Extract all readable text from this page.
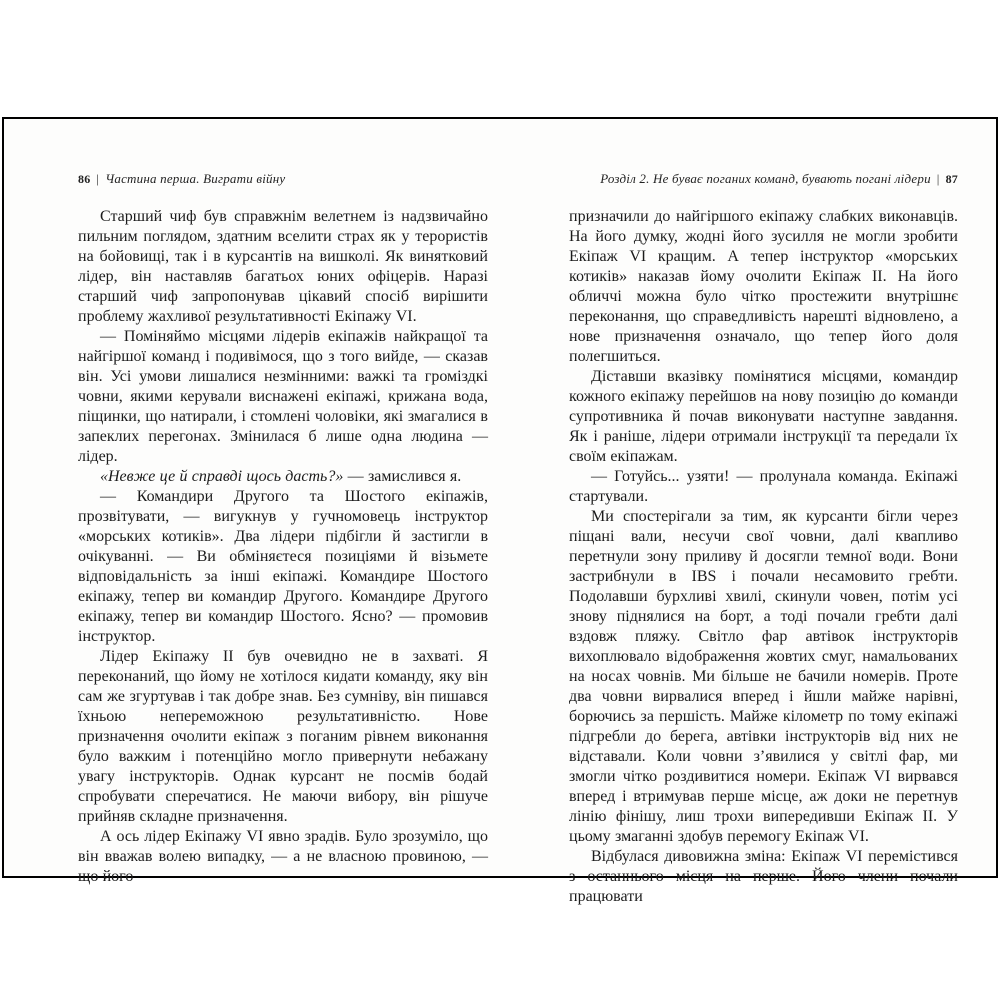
86 | Частина перша. Виграти війну

Старший чиф був справжнім велетнем із надзвичайно пильним поглядом, здатним вселити страх як у терористів на бойовищі, так і в курсантів на вишколі. Як винятковий лідер, він наставляв багатьох юних офіцерів. Наразі старший чиф запропонував цікавий спосіб вирішити проблему жахливої результативності Екіпажу VI.

— Поміняймо місцями лідерів екіпажів найкращої та найгіршої команд і подивімося, що з того вийде, — сказав він. Усі умови лишалися незмінними: важкі та громіздкі човни, якими керували виснажені екіпажі, крижана вода, піщинки, що натирали, і стомлені чоловіки, які змагалися в запеклих перегонах. Змінилася б лише одна людина — лідер.

«Невже це й справді щось дасть?» — замислився я.

— Командири Другого та Шостого екіпажів, прозвітувати, — вигукнув у гучномовець інструктор «морських котиків». Два лідери підбігли й застигли в очікуванні. — Ви обміняєтеся позиціями й візьмете відповідальність за інші екіпажі. Командире Шостого екіпажу, тепер ви командир Другого. Командире Другого екіпажу, тепер ви командир Шостого. Ясно? — промовив інструктор.

Лідер Екіпажу II був очевидно не в захваті. Я переконаний, що йому не хотілося кидати команду, яку він сам же згуртував і так добре знав. Без сумніву, він пишався їхньою непереможною результативністю. Нове призначення очолити екіпаж з поганим рівнем виконання було важким і потенційно могло привернути небажану увагу інструкторів. Однак курсант не посмів бодай спробувати сперечатися. Не маючи вибору, він рішуче прийняв складне призначення.

А ось лідер Екіпажу VI явно зрадів. Було зрозуміло, що він вважав волею випадку, — а не власною провиною, — що його

Розділ 2. Не буває поганих команд, бувають погані лідери | 87

призначили до найгіршого екіпажу слабких виконавців. На його думку, жодні його зусилля не могли зробити Екіпаж VI кращим. А тепер інструктор «морських котиків» наказав йому очолити Екіпаж II. На його обличчі можна було чітко простежити внутрішнє переконання, що справедливість нарешті відновлено, а нове призначення означало, що тепер його доля полегшиться.

Діставши вказівку помінятися місцями, командир кожного екіпажу перейшов на нову позицію до команди супротивника й почав виконувати наступне завдання. Як і раніше, лідери отримали інструкції та передали їх своїм екіпажам.

— Готуйсь... узяти! — пролунала команда. Екіпажі стартували.

Ми спостерігали за тим, як курсанти бігли через піщані вали, несучи свої човни, далі квапливо перетнули зону приливу й досягли темної води. Вони застрибнули в IBS і почали несамовито гребти. Подолавши бурхливі хвилі, скинули човен, потім усі знову піднялися на борт, а тоді почали гребти далі вздовж пляжу. Світло фар автівок інструкторів вихоплювало відображення жовтих смуг, намальованих на носах човнів. Ми більше не бачили номерів. Проте два човни вирвалися вперед і йшли майже нарівні, борючись за першість. Майже кілометр по тому екіпажі підгребли до берега, автівки інструкторів від них не відставали. Коли човни з’явилися у світлі фар, ми змогли чітко роздивитися номери. Екіпаж VI вирвався вперед і втримував перше місце, аж доки не перетнув лінію фінішу, лиш трохи випередивши Екіпаж II. У цьому змаганні здобув перемогу Екіпаж VI.

Відбулася дивовижна зміна: Екіпаж VI перемістився з останнього місця на перше. Його члени почали працювати
